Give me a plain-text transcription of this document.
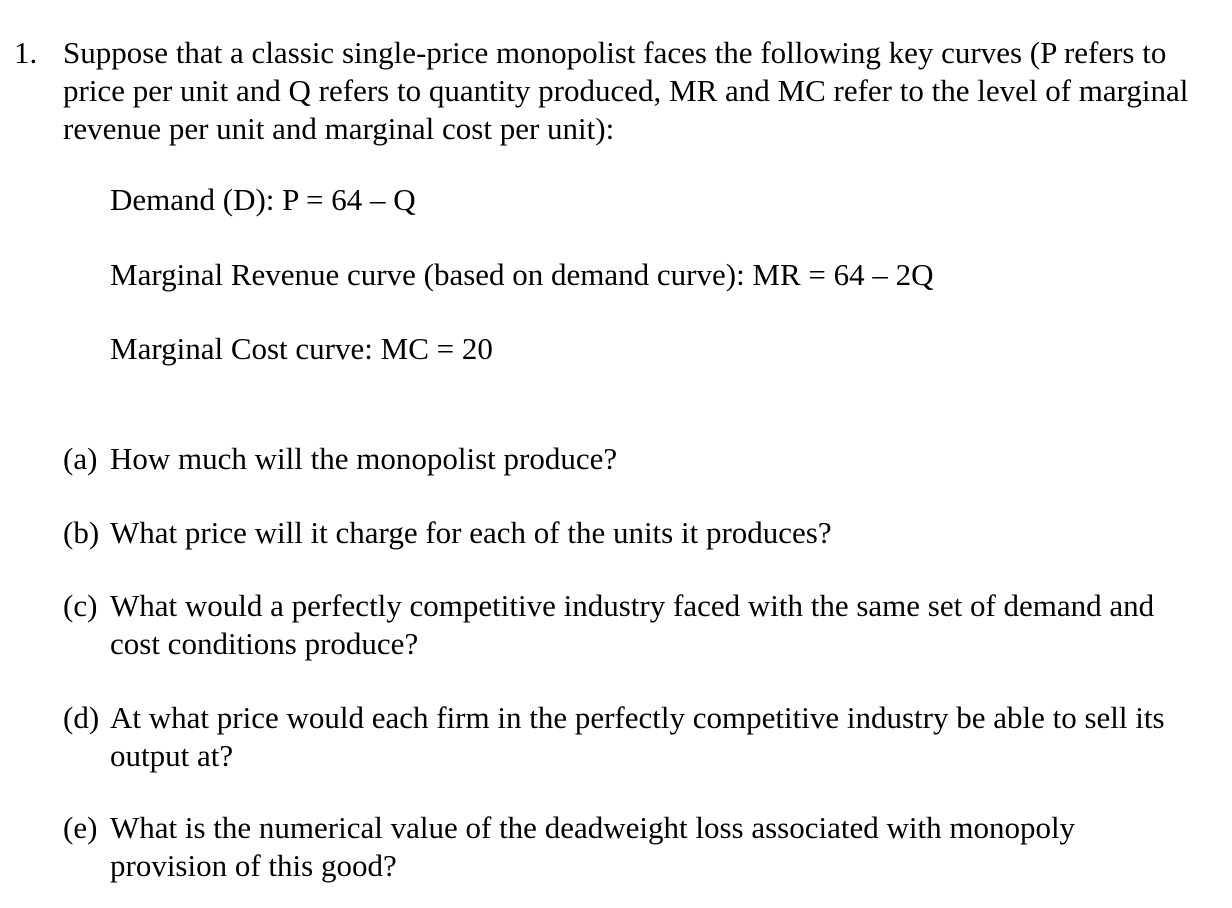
1. Suppose that a classic single-price monopolist faces the following key curves (P refers to price per unit and Q refers to quantity produced, MR and MC refer to the level of marginal revenue per unit and marginal cost per unit):
Demand (D): P = 64 – Q
Marginal Revenue curve (based on demand curve): MR = 64 – 2Q
Marginal Cost curve: MC = 20
(a) How much will the monopolist produce?
(b) What price will it charge for each of the units it produces?
(c) What would a perfectly competitive industry faced with the same set of demand and cost conditions produce?
(d) At what price would each firm in the perfectly competitive industry be able to sell its output at?
(e) What is the numerical value of the deadweight loss associated with monopoly provision of this good?
